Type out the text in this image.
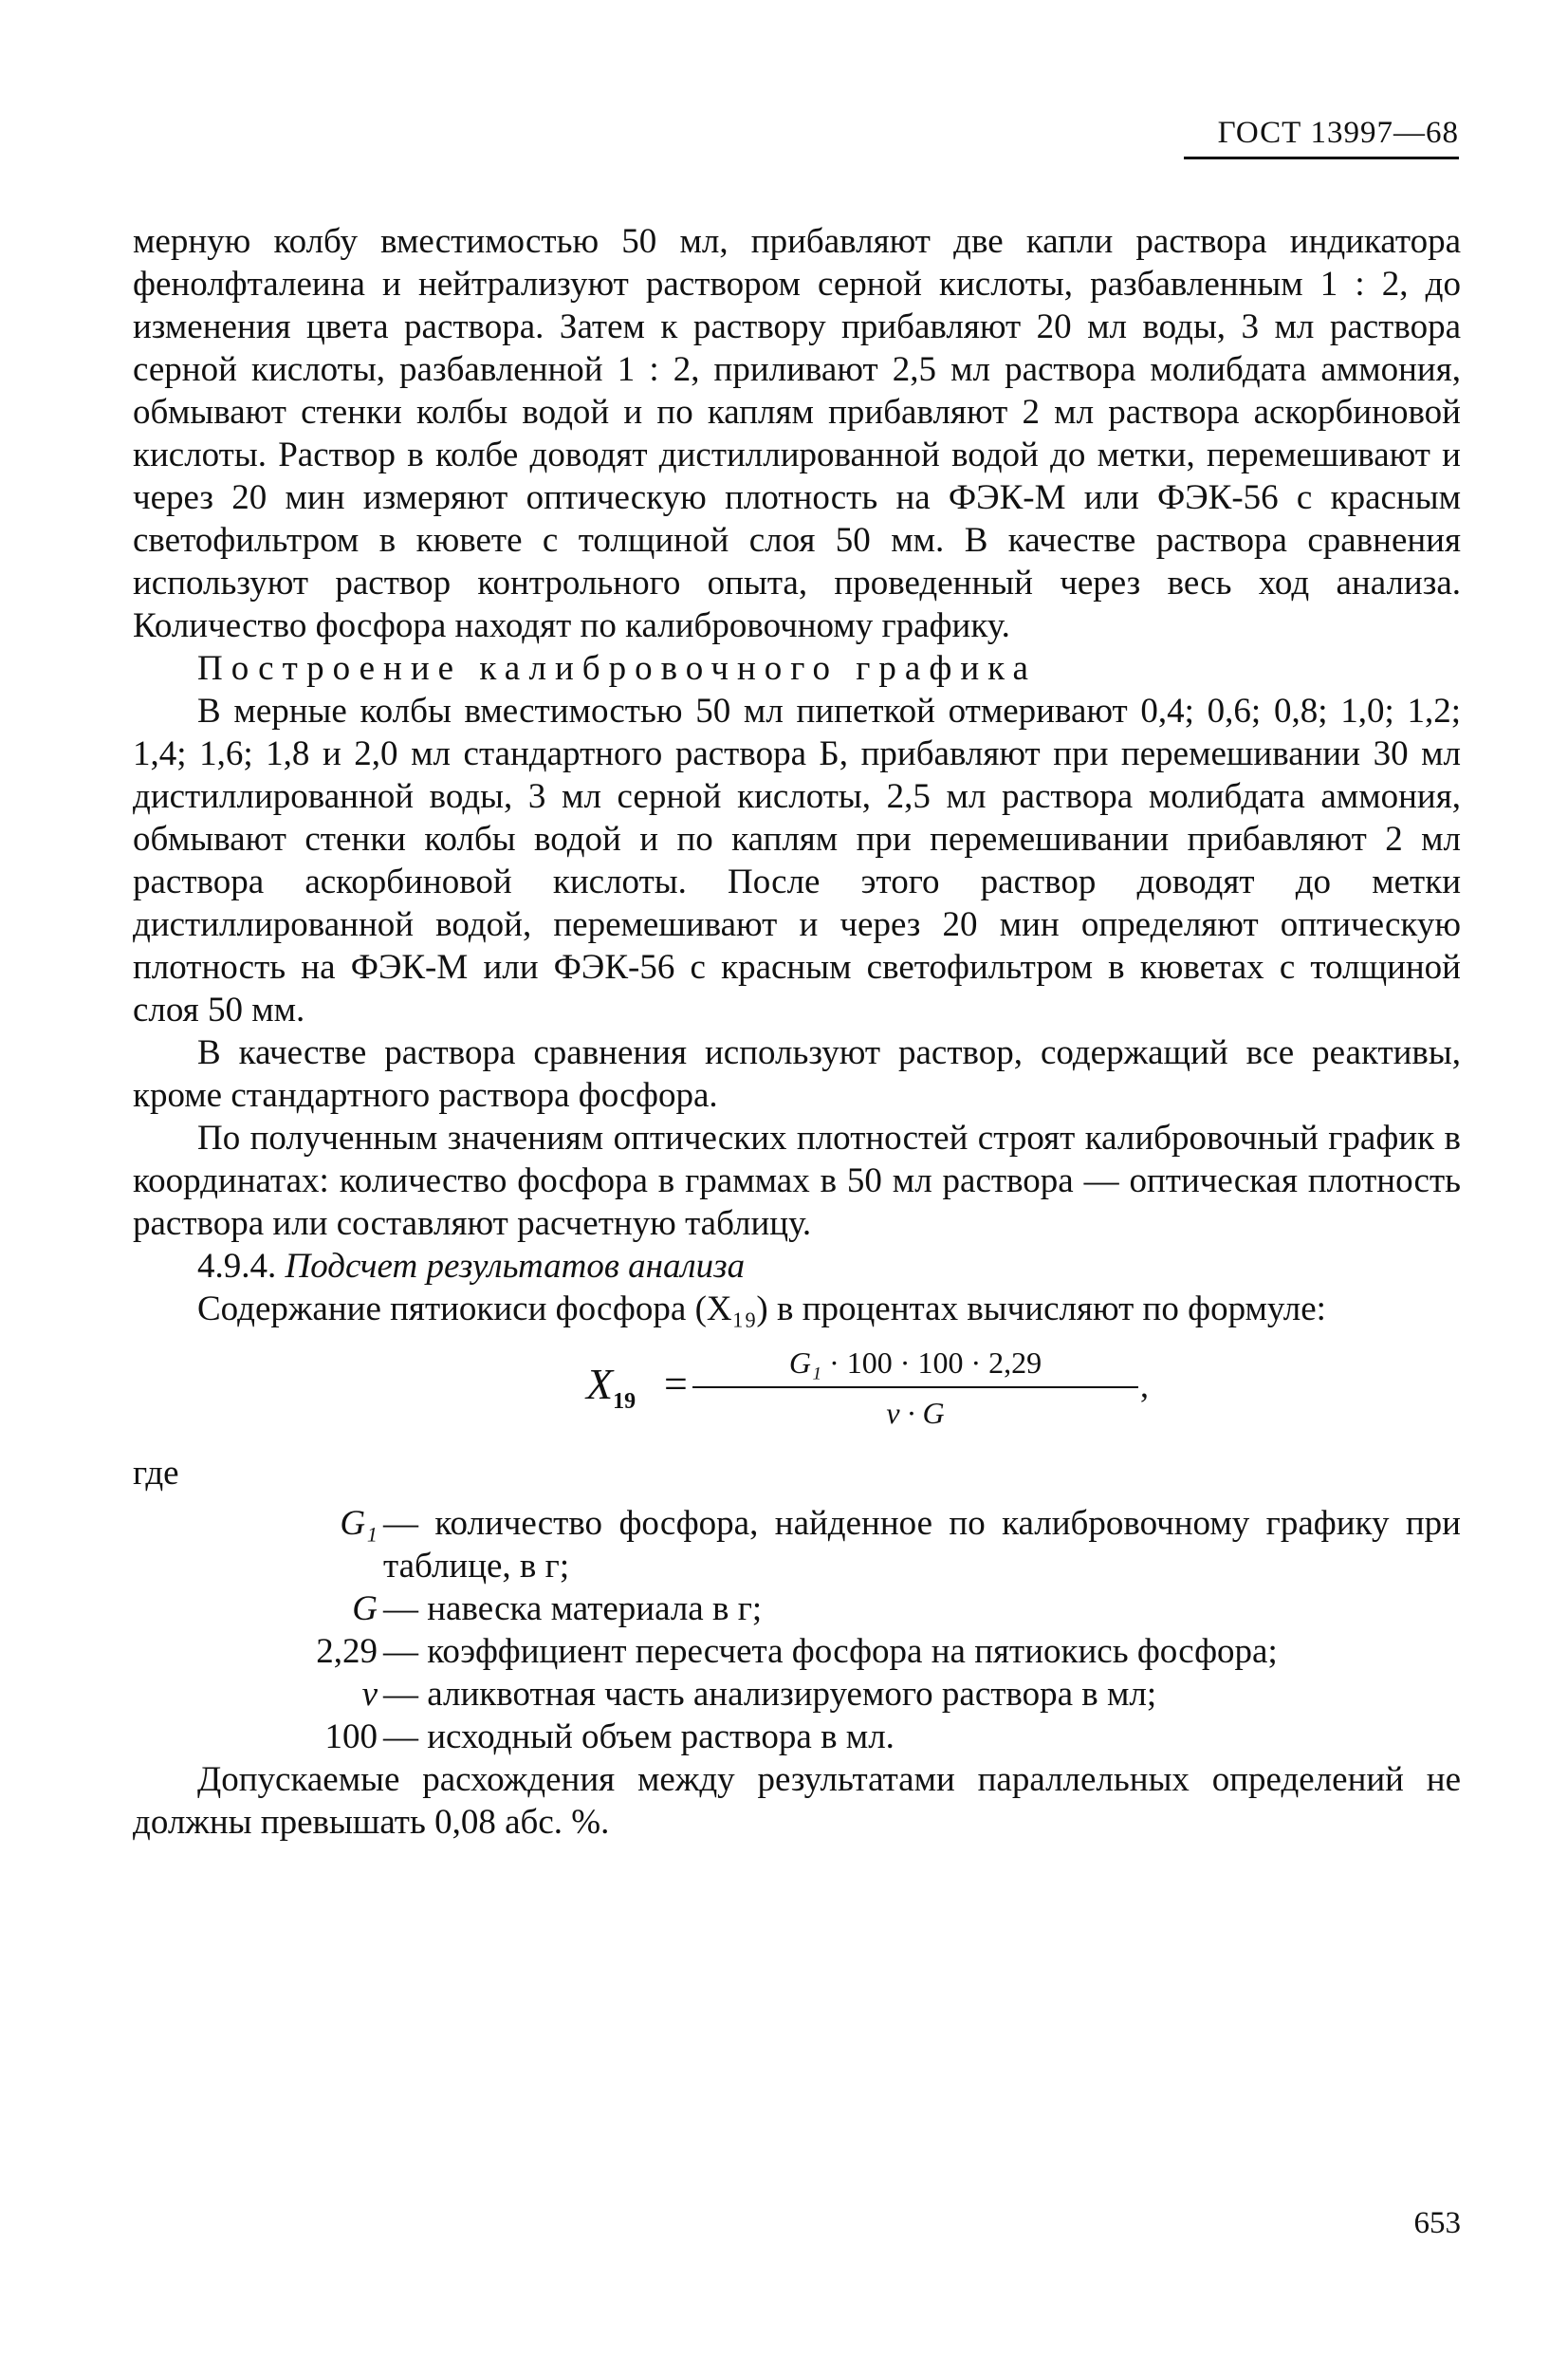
ГОСТ 13997—68

мерную колбу вместимостью 50 мл, прибавляют две капли раствора индикатора фенолфталеина и нейтрализуют раствором серной кислоты, разбавленным 1 : 2, до изменения цвета раствора. Затем к раствору прибавляют 20 мл воды, 3 мл раствора серной кислоты, разбавленной 1 : 2, приливают 2,5 мл раствора молибдата аммония, обмывают стенки колбы водой и по каплям прибавляют 2 мл раствора аскорбиновой кислоты. Раствор в колбе доводят дистиллированной водой до метки, перемешивают и через 20 мин измеряют оптическую плотность на ФЭК-М или ФЭК-56 с красным светофильтром в кювете с толщиной слоя 50 мм. В качестве раствора сравнения используют раствор контрольного опыта, проведенный через весь ход анализа. Количество фосфора находят по калибровочному графику.

Построение калибровочного графика

В мерные колбы вместимостью 50 мл пипеткой отмеривают 0,4; 0,6; 0,8; 1,0; 1,2; 1,4; 1,6; 1,8 и 2,0 мл стандартного раствора Б, прибавляют при перемешивании 30 мл дистиллированной воды, 3 мл серной кислоты, 2,5 мл раствора молибдата аммония, обмывают стенки колбы водой и по каплям при перемешивании прибавляют 2 мл раствора аскорбиновой кислоты. После этого раствор доводят до метки дистиллированной водой, перемешивают и через 20 мин определяют оптическую плотность на ФЭК-М или ФЭК-56 с красным светофильтром в кюветах с толщиной слоя 50 мм.

В качестве раствора сравнения используют раствор, содержащий все реактивы, кроме стандартного раствора фосфора.

По полученным значениям оптических плотностей строят калибровочный график в координатах: количество фосфора в граммах в 50 мл раствора — оптическая плотность раствора или составляют расчетную таблицу.

4.9.4. Подсчет результатов анализа

Содержание пятиокиси фосфора (X₁₉) в процентах вычисляют по формуле:

$X_{19} = \frac{\text{G₁ · 100 · 100 · 2,29}}{v \cdot G}$ ,

где

G₁ — количество фосфора, найденное по калибровочному графику при таблице, в г;
G — навеска материала в г;
2,29 — коэффициент пересчета фосфора на пятиокись фосфора;
v — аликвотная часть анализируемого раствора в мл;
100 — исходный объем раствора в мл.

Допускаемые расхождения между результатами параллельных определений не должны превышать 0,08 абс. %.

653
